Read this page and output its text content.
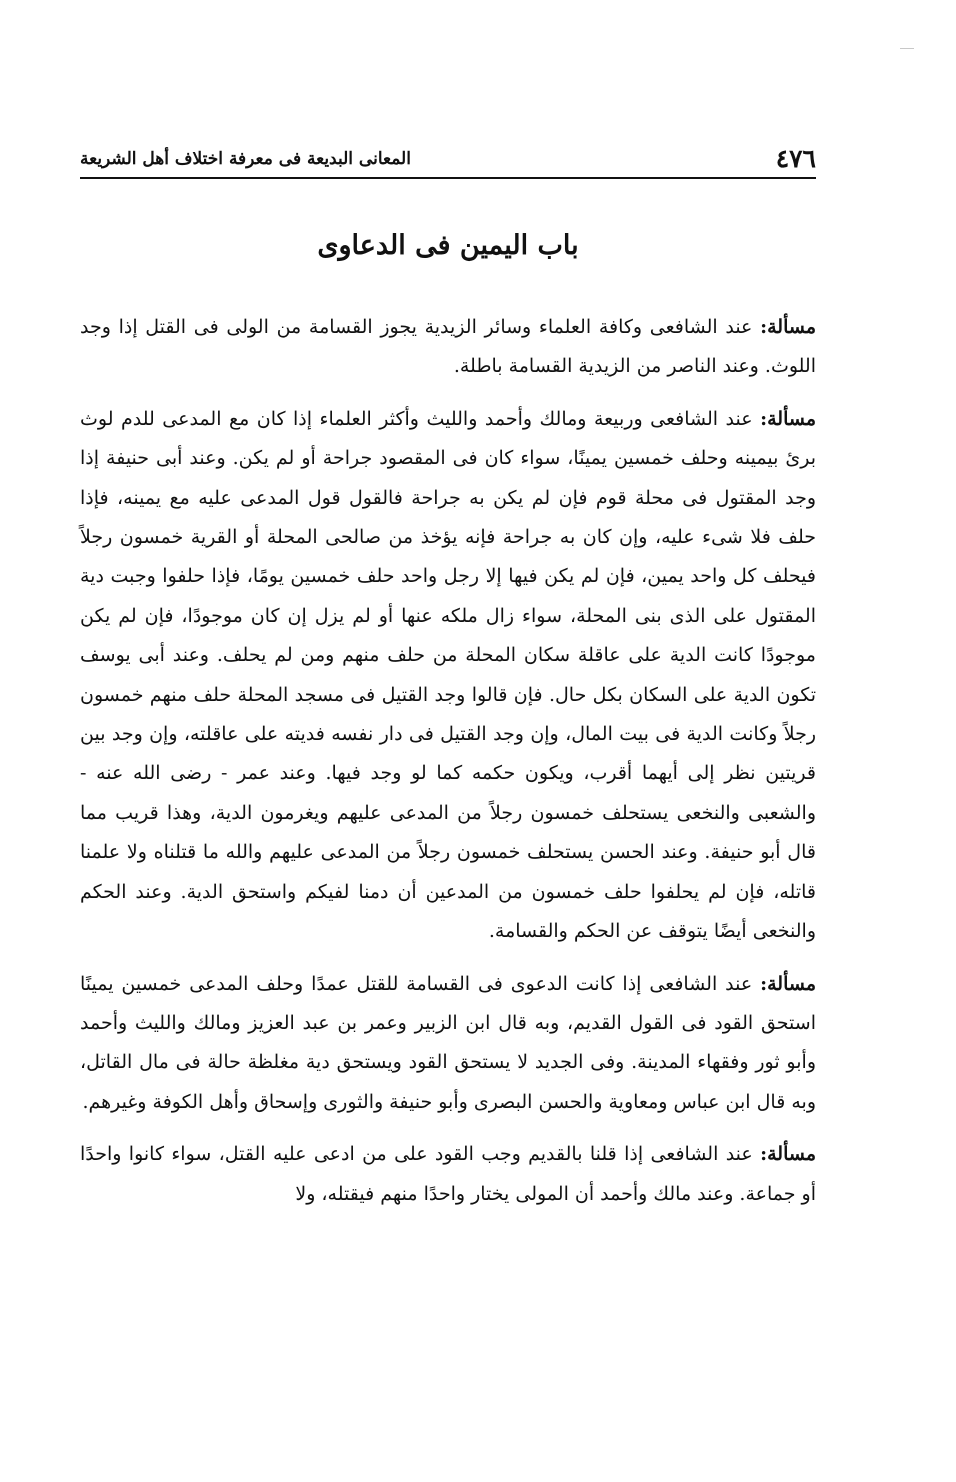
٤٧٦
المعانى البديعة فى معرفة اختلاف أهل الشريعة
باب اليمين فى الدعاوى

مسألة: عند الشافعى وكافة العلماء وسائر الزيدية يجوز القسامة من الولى فى القتل إذا وجد اللوث. وعند الناصر من الزيدية القسامة باطلة.

مسألة: عند الشافعى وربيعة ومالك وأحمد والليث وأكثر العلماء إذا كان مع المدعى للدم لوث برئ بيمينه وحلف خمسين يمينًا، سواء كان فى المقصود جراحة أو لم يكن. وعند أبى حنيفة إذا وجد المقتول فى محلة قوم فإن لم يكن به جراحة فالقول قول المدعى عليه مع يمينه، فإذا حلف فلا شىء عليه، وإن كان به جراحة فإنه يؤخذ من صالحى المحلة أو القرية خمسون رجلاً فيحلف كل واحد يمين، فإن لم يكن فيها إلا رجل واحد حلف خمسين يومًا، فإذا حلفوا وجبت دية المقتول على الذى بنى المحلة، سواء زال ملكه عنها أو لم يزل إن كان موجودًا، فإن لم يكن موجودًا كانت الدية على عاقلة سكان المحلة من حلف منهم ومن لم يحلف. وعند أبى يوسف تكون الدية على السكان بكل حال. فإن قالوا وجد القتيل فى مسجد المحلة حلف منهم خمسون رجلاً وكانت الدية فى بيت المال، وإن وجد القتيل فى دار نفسه فديته على عاقلته، وإن وجد بين قريتين نظر إلى أيهما أقرب، ويكون حكمه كما لو وجد فيها. وعند عمر - رضى الله عنه - والشعبى والنخعى يستحلف خمسون رجلاً من المدعى عليهم ويغرمون الدية، وهذا قريب مما قال أبو حنيفة. وعند الحسن يستحلف خمسون رجلاً من المدعى عليهم والله ما قتلناه ولا علمنا قاتله، فإن لم يحلفوا حلف خمسون من المدعين أن دمنا لفيكم واستحق الدية. وعند الحكم والنخعى أيضًا يتوقف عن الحكم والقسامة.

مسألة: عند الشافعى إذا كانت الدعوى فى القسامة للقتل عمدًا وحلف المدعى خمسين يمينًا استحق القود فى القول القديم، وبه قال ابن الزبير وعمر بن عبد العزيز ومالك والليث وأحمد وأبو ثور وفقهاء المدينة. وفى الجديد لا يستحق القود ويستحق دية مغلظة حالة فى مال القاتل، وبه قال ابن عباس ومعاوية والحسن البصرى وأبو حنيفة والثورى وإسحاق وأهل الكوفة وغيرهم.

مسألة: عند الشافعى إذا قلنا بالقديم وجب القود على من ادعى عليه القتل، سواء كانوا واحدًا أو جماعة. وعند مالك وأحمد أن المولى يختار واحدًا منهم فيقتله، ولا
